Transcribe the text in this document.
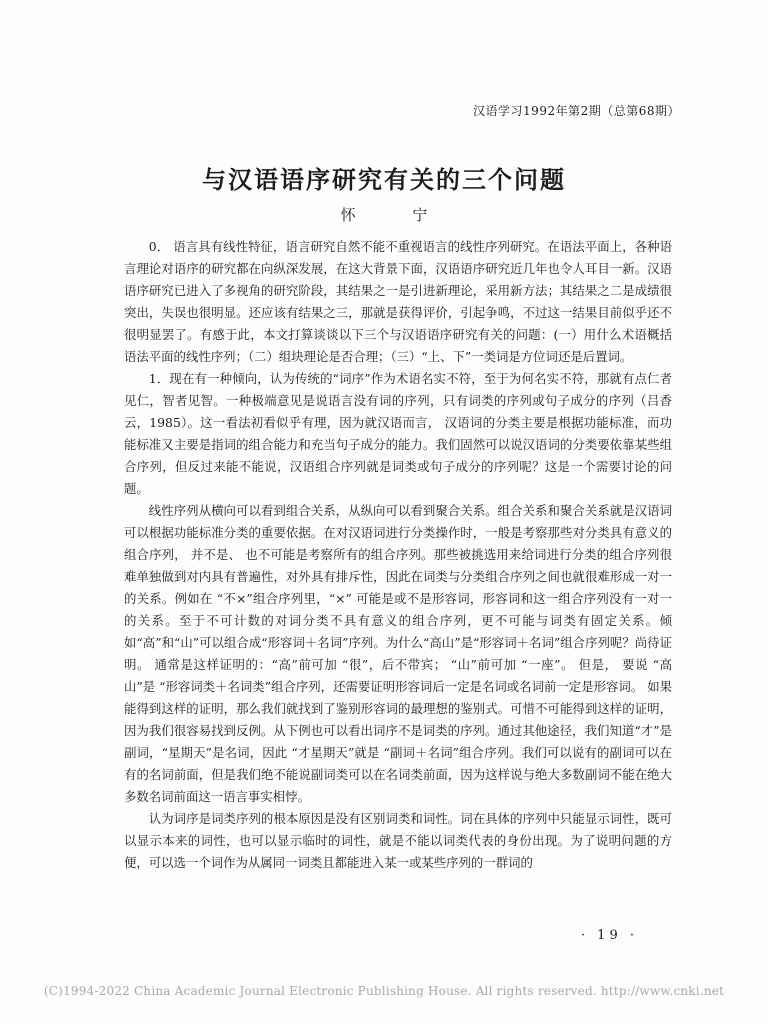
汉语学习1992年第2期（总第68期）
与汉语语序研究有关的三个问题
怀 宁

0． 语言具有线性特征，语言研究自然不能不重视语言的线性序列研究。在语法平面上，各种语言理论对语序的研究都在向纵深发展，在这大背景下面，汉语语序研究近几年也令人耳目一新。汉语语序研究已进入了多视角的研究阶段，其结果之一是引进新理论，采用新方法；其结果之二是成绩很突出，失误也很明显。还应该有结果之三，那就是获得评价，引起争鸣，不过这一结果目前似乎还不很明显罢了。有感于此，本文打算谈谈以下三个与汉语语序研究有关的问题：(一）用什么术语概括语法平面的线性序列；（二）组块理论是否合理；（三）“上、下”一类词是方位词还是后置词。

1．现在有一种倾向，认为传统的“词序”作为术语名实不符，至于为何名实不符，那就有点仁者见仁，智者见智。一种极端意见是说语言没有词的序列，只有词类的序列或句子成分的序列（吕香云，1985）。这一看法初看似乎有理，因为就汉语而言， 汉语词的分类主要是根据功能标准，而功能标准又主要是指词的组合能力和充当句子成分的能力。我们固然可以说汉语词的分类要依靠某些组合序列，但反过来能不能说，汉语组合序列就是词类或句子成分的序列呢？这是一个需要讨论的问题。

线性序列从横向可以看到组合关系，从纵向可以看到聚合关系。组合关系和聚合关系就是汉语词可以根据功能标准分类的重要依据。在对汉语词进行分类操作时，一般是考察那些对分类具有意义的组合序列， 并不是、 也不可能是考察所有的组合序列。那些被挑选用来给词进行分类的组合序列很难单独做到对内具有普遍性，对外具有排斥性，因此在词类与分类组合序列之间也就很难形成一对一的关系。例如在 “不×”组合序列里，“×” 可能是或不是形容词，形容词和这一组合序列没有一对一的关系。至于不可计数的对词分类不具有意义的组合序列，更不可能与词类有固定关系。倾如“高”和“山”可以组合成“形容词＋名词”序列。为什么“高山”是“形容词＋名词”组合序列呢？尚待证明。 通常是这样证明的：“高”前可加 “很”，后不带宾； “山”前可加 “一座”。 但是， 要说 “高山”是 “形容词类＋名词类”组合序列，还需要证明形容词后一定是名词或名词前一定是形容词。 如果能得到这样的证明，那么我们就找到了鉴别形容词的最理想的鉴别式。可惜不可能得到这样的证明，因为我们很容易找到反例。从下例也可以看出词序不是词类的序列。通过其他途径，我们知道“才”是副词，“星期天”是名词，因此 “才星期天”就是 “副词＋名词”组合序列。我们可以说有的副词可以在有的名词前面，但是我们绝不能说副词类可以在名词类前面，因为这样说与绝大多数副词不能在绝大多数名词前面这一语言事实相悖。

认为词序是词类序列的根本原因是没有区别词类和词性。词在具体的序列中只能显示词性，既可以显示本来的词性，也可以显示临时的词性，就是不能以词类代表的身份出现。为了说明问题的方便，可以选一个词作为从属同一词类且都能进入某一或某些序列的一群词的

· 19 ·
(C)1994-2022 China Academic Journal Electronic Publishing House. All rights reserved. http://www.cnki.net
